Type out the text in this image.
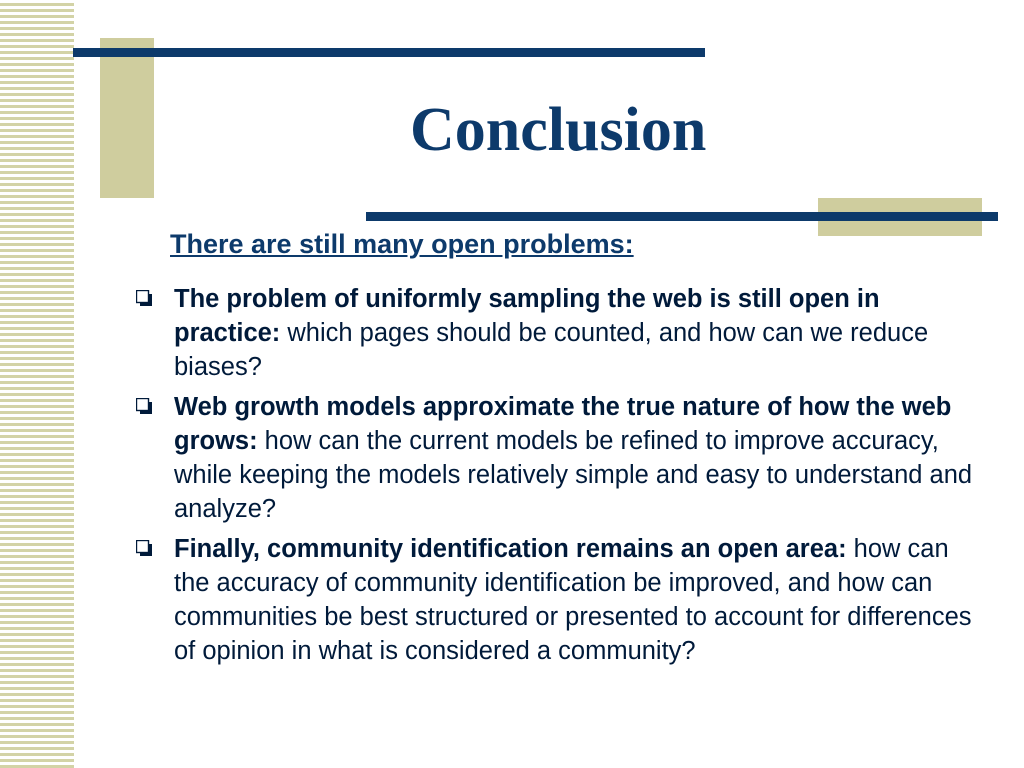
Conclusion
There are still many open problems:
The problem of uniformly sampling the web is still open in practice: which pages should be counted, and how can we reduce biases?
Web growth models approximate the true nature of how the web grows: how can the current models be refined to improve accuracy, while keeping the models relatively simple and easy to understand and analyze?
Finally, community identification remains an open area: how can the accuracy of community identification be improved, and how can communities be best structured or presented to account for differences of opinion in what is considered a community?
